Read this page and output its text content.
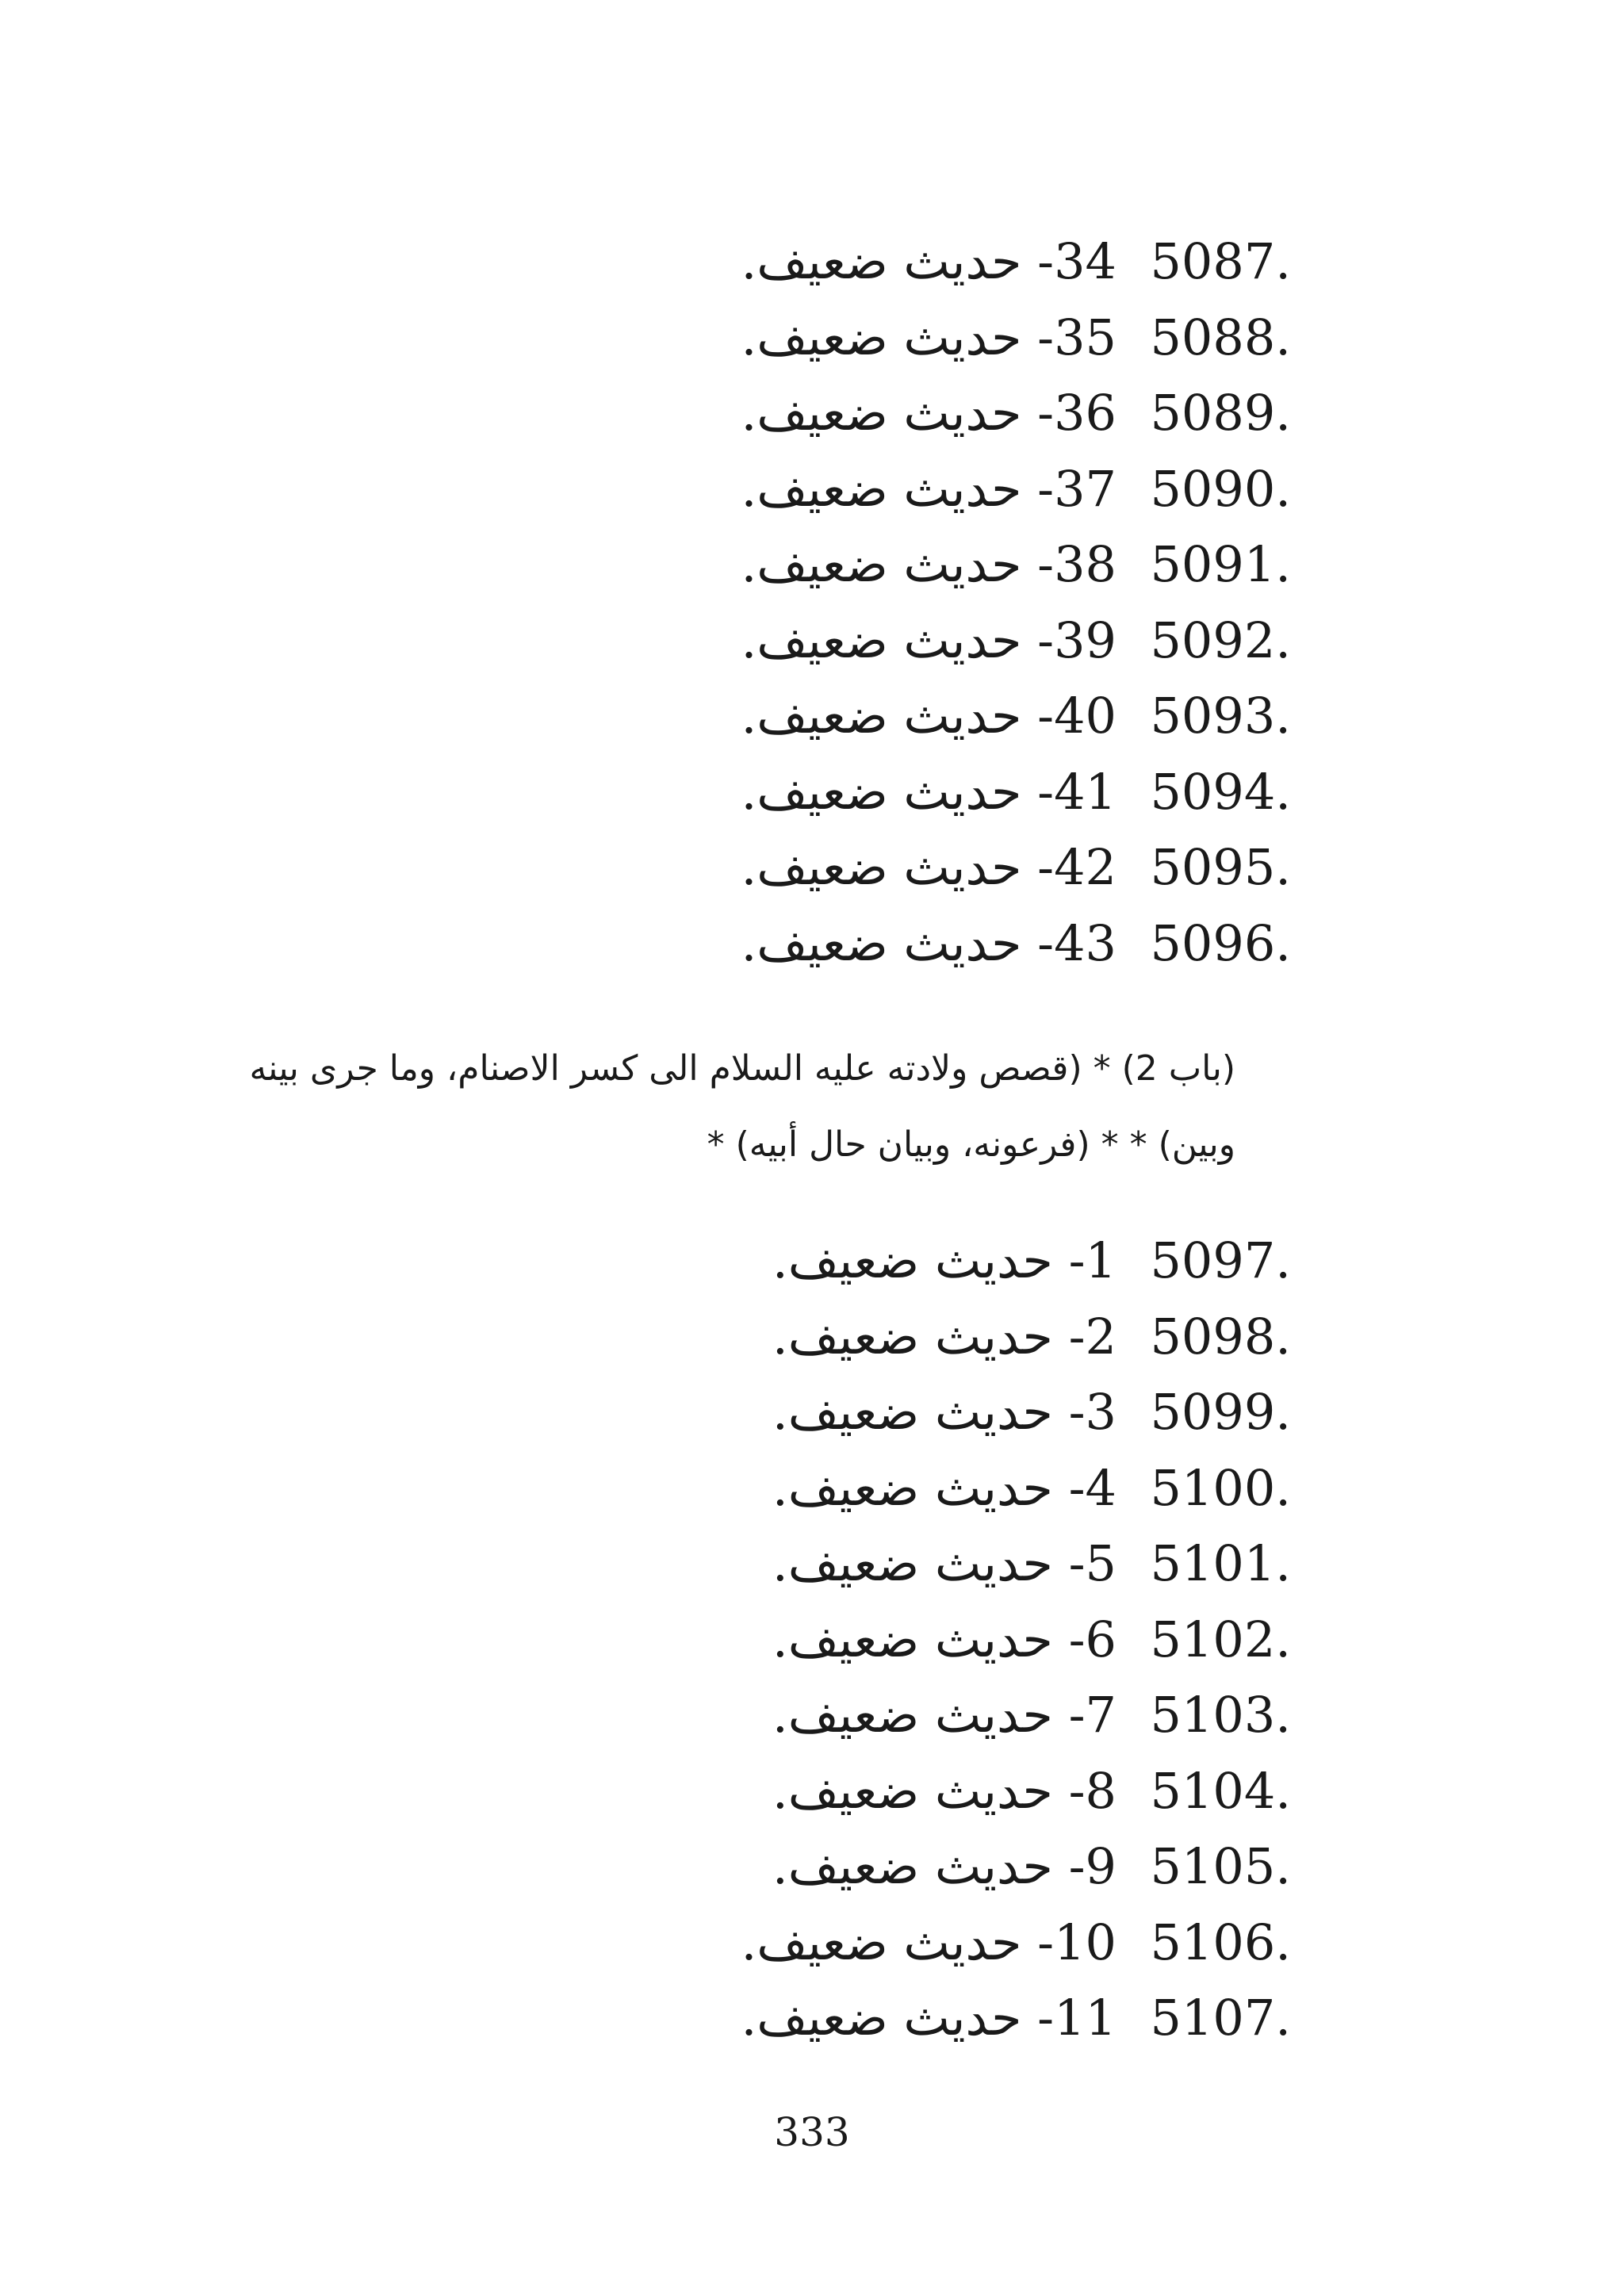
.5087
34- حديث ضعيف.
.5088
35- حديث ضعيف.
.5089
36- حديث ضعيف.
.5090
37- حديث ضعيف.
.5091
38- حديث ضعيف.
.5092
39- حديث ضعيف.
.5093
40- حديث ضعيف.
.5094
41- حديث ضعيف.
.5095
42- حديث ضعيف.
.5096
43- حديث ضعيف.
(باب 2) * (قصص ولادته عليه السلام الى كسر الاصنام، وما جرى بينه
وبين) * * (فرعونه، وبيان حال أبيه) *
.5097
1- حديث ضعيف.
.5098
2- حديث ضعيف.
.5099
3- حديث ضعيف.
.5100
4- حديث ضعيف.
.5101
5- حديث ضعيف.
.5102
6- حديث ضعيف.
.5103
7- حديث ضعيف.
.5104
8- حديث ضعيف.
.5105
9- حديث ضعيف.
.5106
10- حديث ضعيف.
.5107
11- حديث ضعيف.
333
